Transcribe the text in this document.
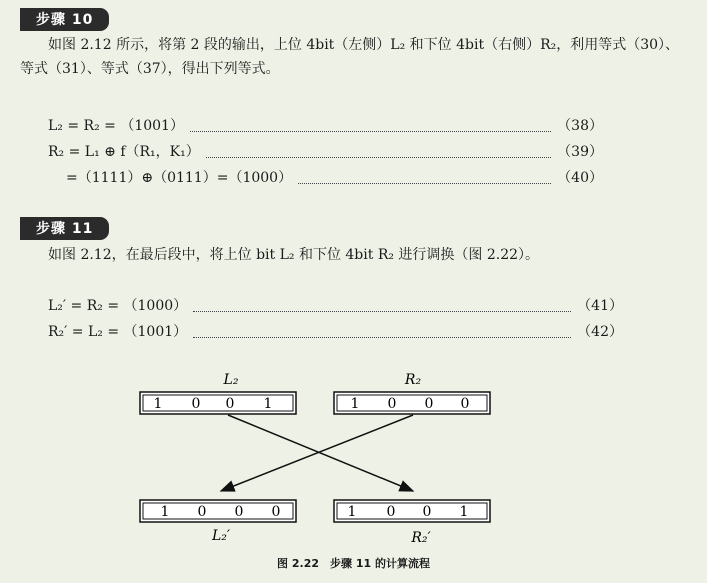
步骤 10
如图 2.12 所示，将第 2 段的输出，上位 4bit（左侧）L₂ 和下位 4bit（右侧）R₂，利用等式（30）、
等式（31）、等式（37），得出下列等式。
L₂ = R₂ = （1001）	（38）
R₂ = L₁ ⊕ f（R₁，K₁）	（39）
=（1111）⊕（0111）=（1000）	（40）
步骤 11
如图 2.12，在最后段中，将上位 bit L₂ 和下位 4bit R₂ 进行调换（图 2.22）。
L₂′ = R₂ = （1000）	（41）
R₂′ = L₂ = （1001）	（42）
L₂	R₂
1 0 0 1	1 0 0 0
1 0 0 0	1 0 0 1
L₂′	R₂′
图 2.22　步骤 11 的计算流程
